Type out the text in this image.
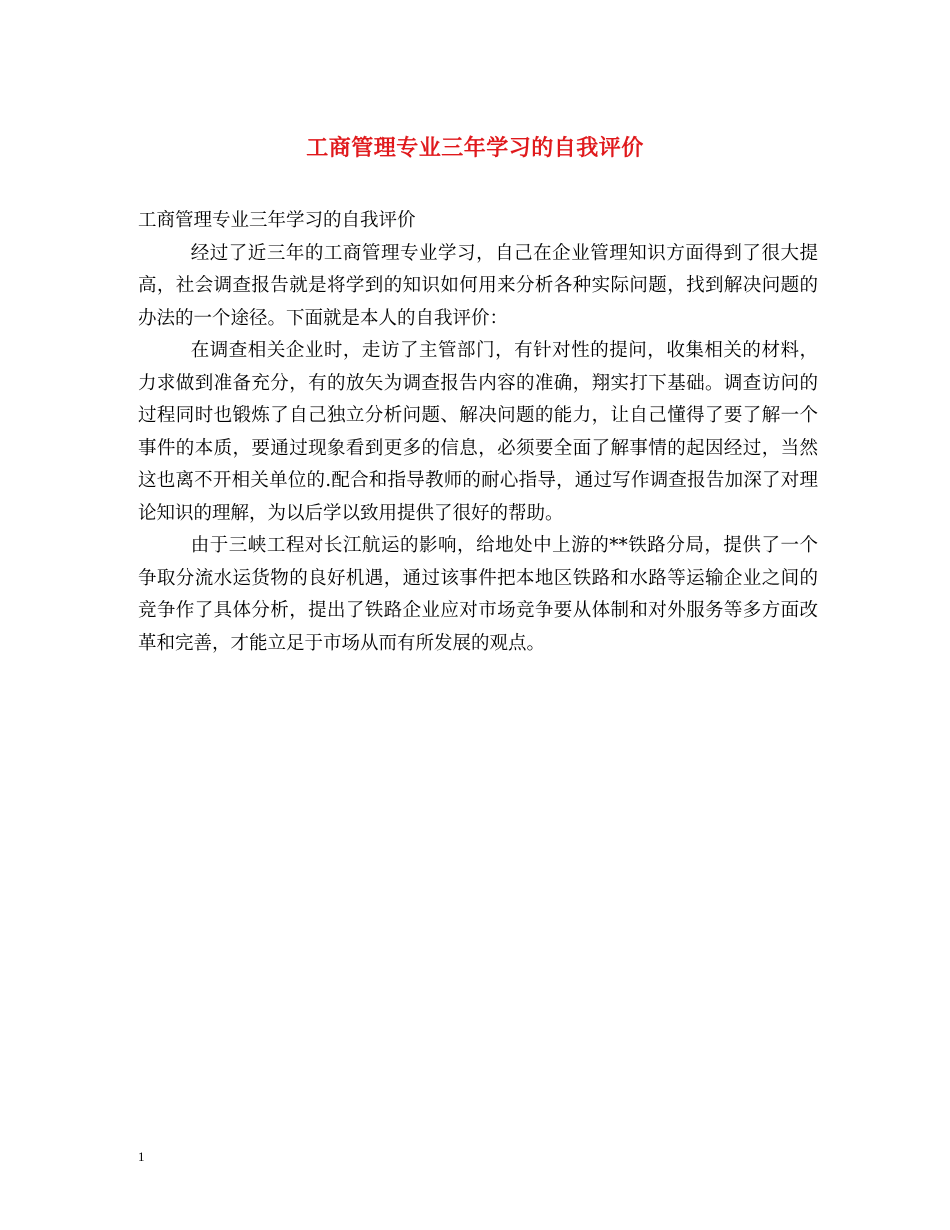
工商管理专业三年学习的自我评价

工商管理专业三年学习的自我评价

经过了近三年的工商管理专业学习，自己在企业管理知识方面得到了很大提高，社会调查报告就是将学到的知识如何用来分析各种实际问题，找到解决问题的办法的一个途径。下面就是本人的自我评价：

在调查相关企业时，走访了主管部门，有针对性的提问，收集相关的材料，力求做到准备充分，有的放矢为调查报告内容的准确，翔实打下基础。调查访问的过程同时也锻炼了自己独立分析问题、解决问题的能力，让自己懂得了要了解一个事件的本质，要通过现象看到更多的信息，必须要全面了解事情的起因经过，当然这也离不开相关单位的.配合和指导教师的耐心指导，通过写作调查报告加深了对理论知识的理解，为以后学以致用提供了很好的帮助。

由于三峡工程对长江航运的影响，给地处中上游的**铁路分局，提供了一个争取分流水运货物的良好机遇，通过该事件把本地区铁路和水路等运输企业之间的竞争作了具体分析，提出了铁路企业应对市场竞争要从体制和对外服务等多方面改革和完善，才能立足于市场从而有所发展的观点。

1
